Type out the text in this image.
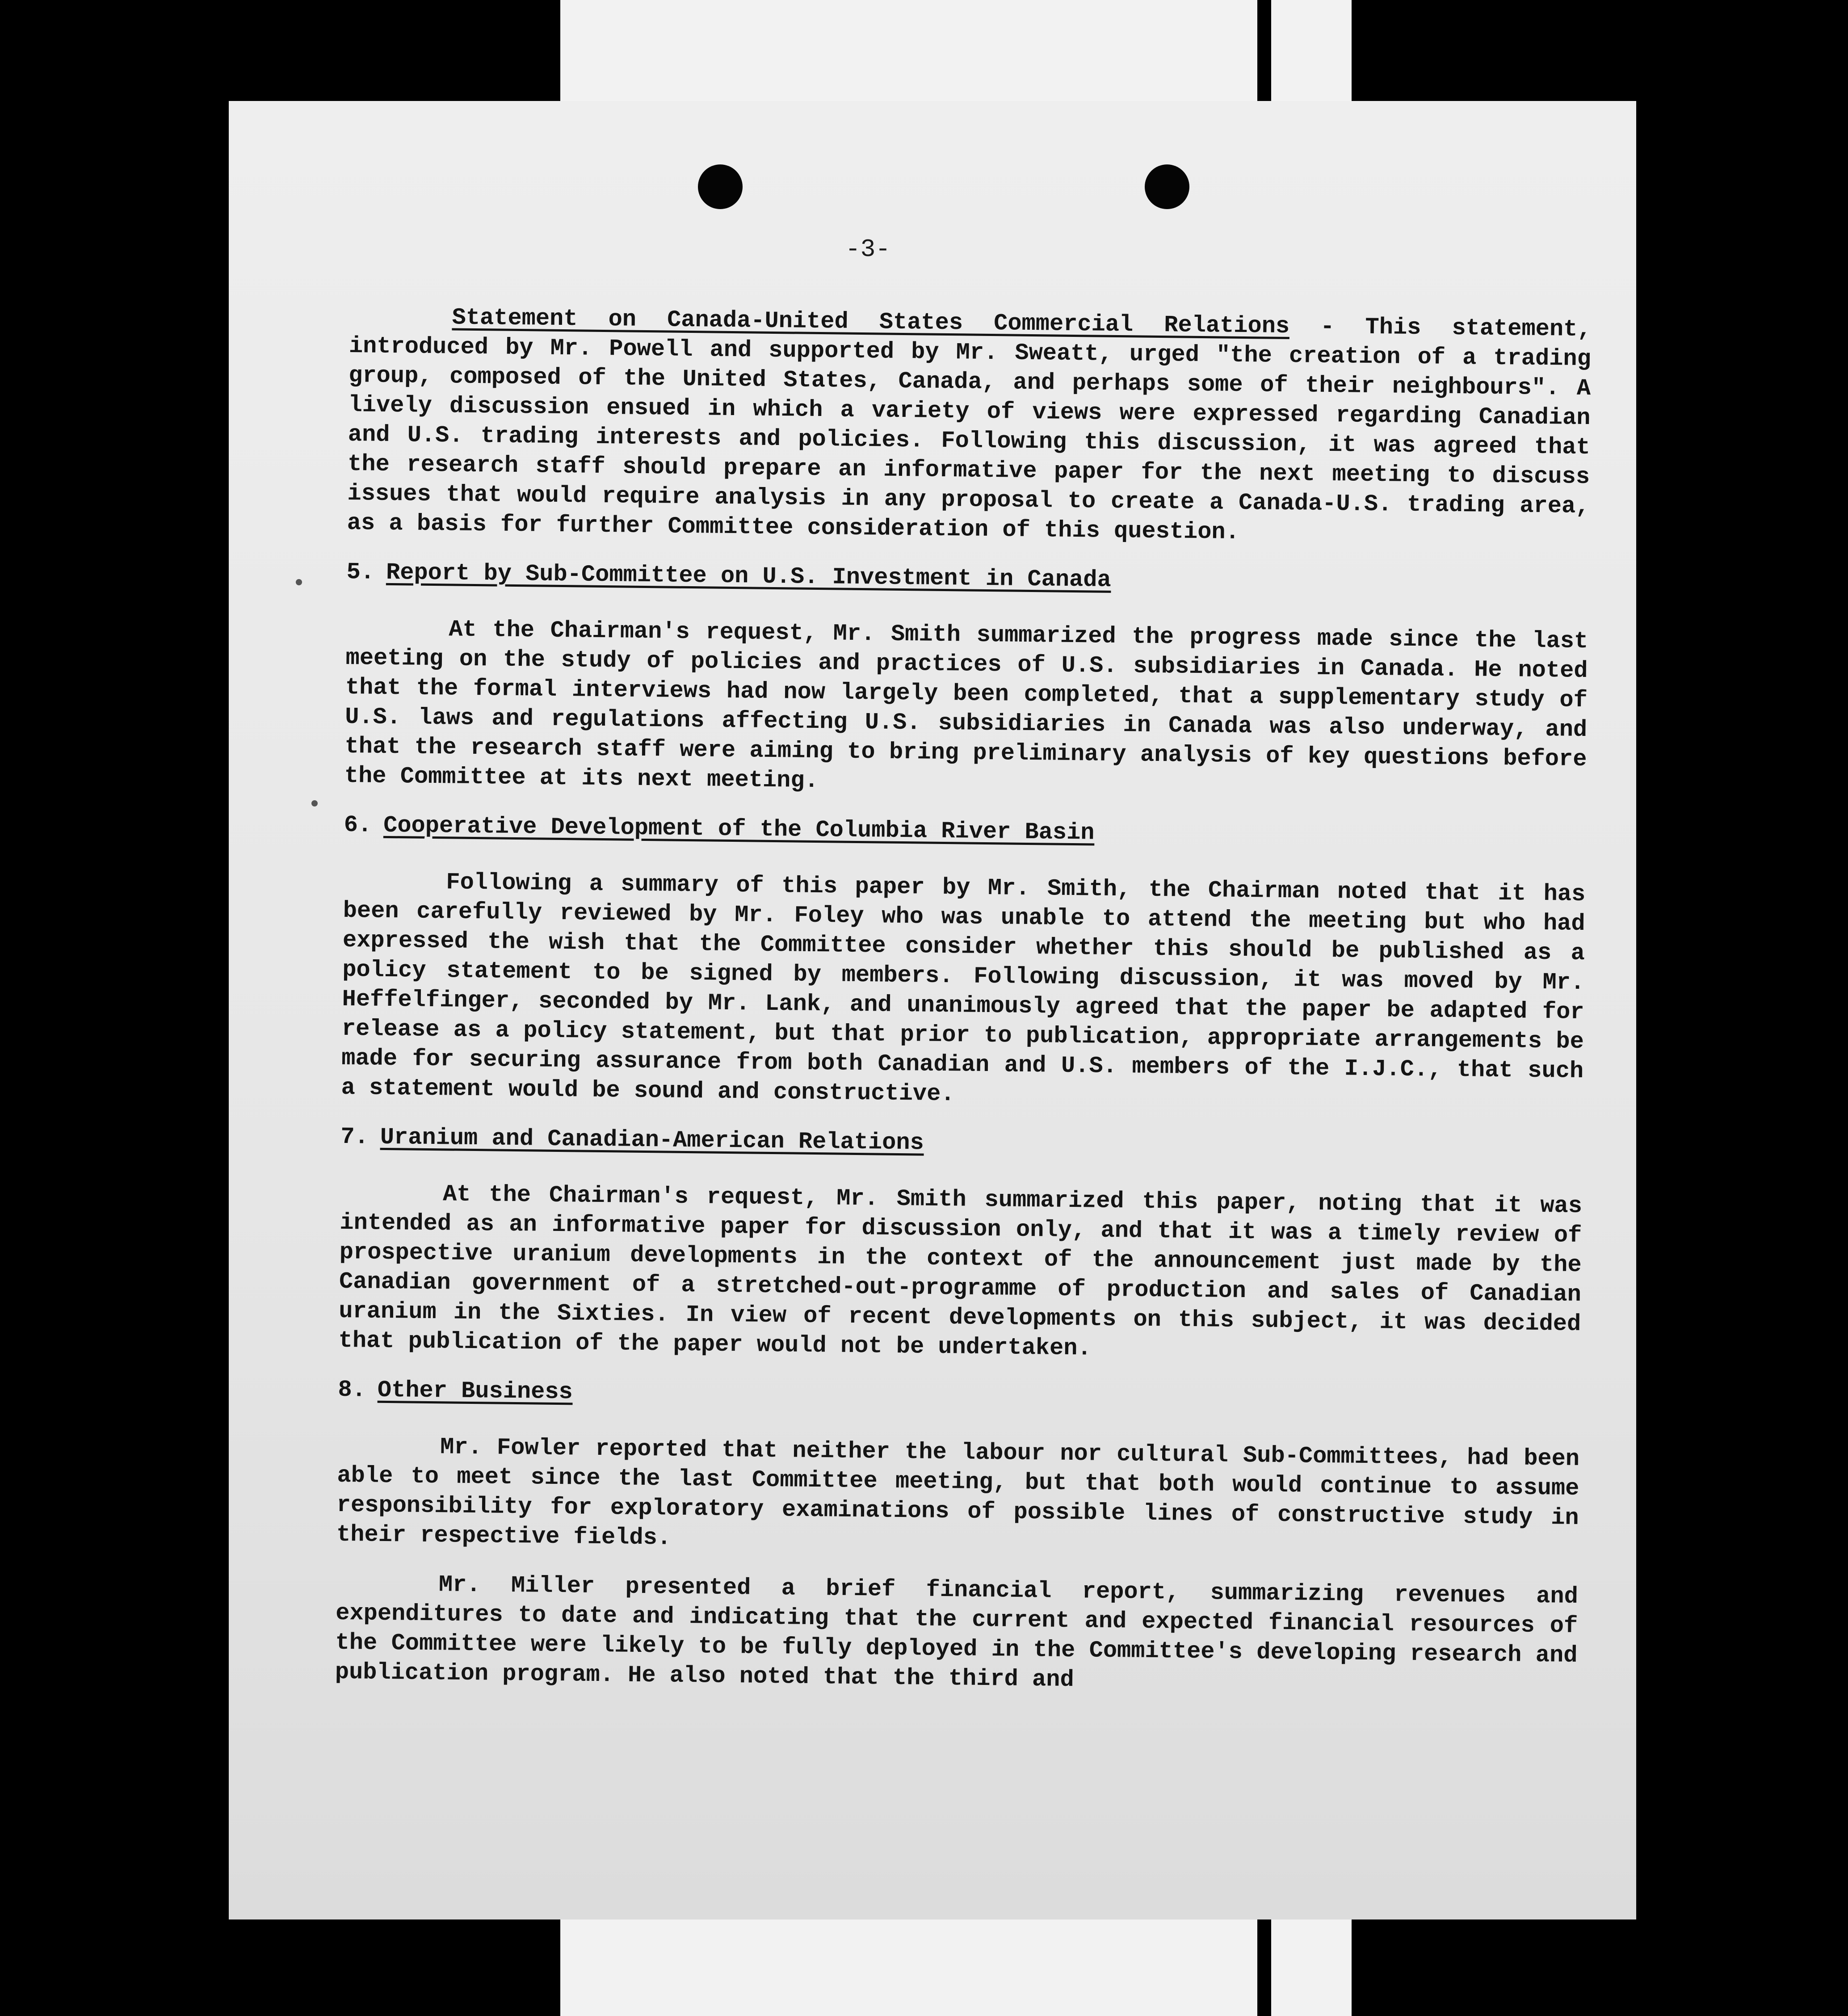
-3-

Statement on Canada-United States Commercial Relations - This statement, introduced by Mr. Powell and supported by Mr. Sweatt, urged "the creation of a trading group, composed of the United States, Canada, and perhaps some of their neighbours". A lively discussion ensued in which a variety of views were expressed regarding Canadian and U.S. trading interests and policies. Following this discussion, it was agreed that the research staff should prepare an informative paper for the next meeting to discuss issues that would require analysis in any proposal to create a Canada-U.S. trading area, as a basis for further Committee consideration of this question.

5. Report by Sub-Committee on U.S. Investment in Canada

At the Chairman's request, Mr. Smith summarized the progress made since the last meeting on the study of policies and practices of U.S. subsidiaries in Canada. He noted that the formal interviews had now largely been completed, that a supplementary study of U.S. laws and regulations affecting U.S. subsidiaries in Canada was also underway, and that the research staff were aiming to bring preliminary analysis of key questions before the Committee at its next meeting.

6. Cooperative Development of the Columbia River Basin

Following a summary of this paper by Mr. Smith, the Chairman noted that it has been carefully reviewed by Mr. Foley who was unable to attend the meeting but who had expressed the wish that the Committee consider whether this should be published as a policy statement to be signed by members. Following discussion, it was moved by Mr. Heffelfinger, seconded by Mr. Lank, and unanimously agreed that the paper be adapted for release as a policy statement, but that prior to publication, appropriate arrangements be made for securing assurance from both Canadian and U.S. members of the I.J.C., that such a statement would be sound and constructive.

7. Uranium and Canadian-American Relations

At the Chairman's request, Mr. Smith summarized this paper, noting that it was intended as an informative paper for discussion only, and that it was a timely review of prospective uranium developments in the context of the announcement just made by the Canadian government of a stretched-out-programme of production and sales of Canadian uranium in the Sixties. In view of recent developments on this subject, it was decided that publication of the paper would not be undertaken.

8. Other Business

Mr. Fowler reported that neither the labour nor cultural Sub-Committees, had been able to meet since the last Committee meeting, but that both would continue to assume responsibility for exploratory examinations of possible lines of constructive study in their respective fields.

Mr. Miller presented a brief financial report, summarizing revenues and expenditures to date and indicating that the current and expected financial resources of the Committee were likely to be fully deployed in the Committee's developing research and publication program. He also noted that the third and
